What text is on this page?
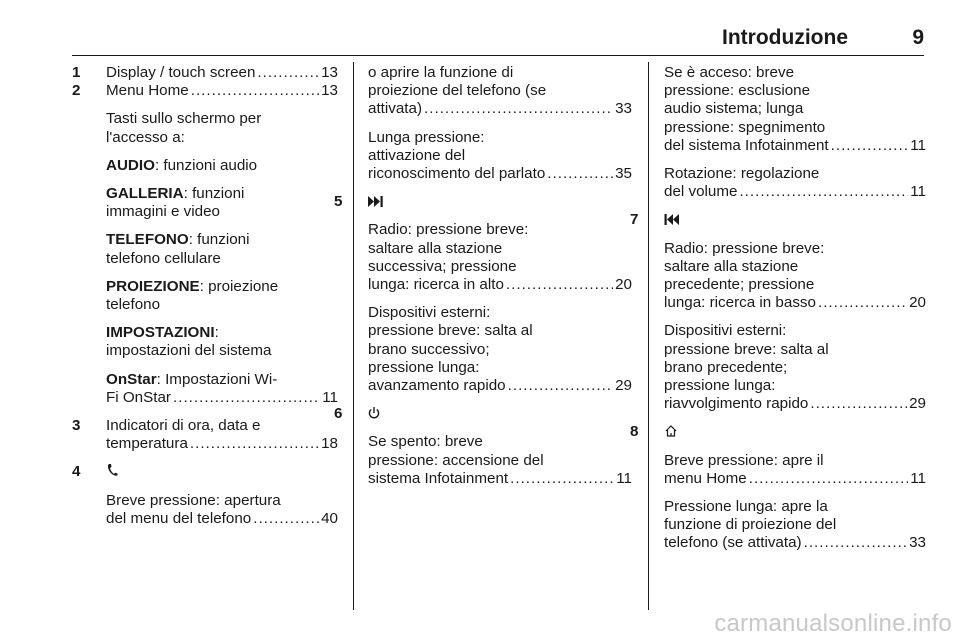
Introduzione	9
1 Display / touch screen .....	13
2 Menu Home .....	13
Tasti sullo schermo per
l'accesso a:
AUDIO: funzioni audio
GALLERIA: funzioni
immagini e video
TELEFONO: funzioni
telefono cellulare
PROIEZIONE: proiezione
telefono
IMPOSTAZIONI:
impostazioni del sistema
OnStar: Impostazioni Wi-
Fi OnStar .....	11
3 Indicatori di ora, data e
temperatura .....	18
4
Breve pressione: apertura
del menu del telefono .....	40
o aprire la funzione di
proiezione del telefono (se
attivata) .....	33
Lunga pressione:
attivazione del
riconoscimento del parlato .....	35
5
Radio: pressione breve:
saltare alla stazione
successiva; pressione
lunga: ricerca in alto .....	20
Dispositivi esterni:
pressione breve: salta al
brano successivo;
pressione lunga:
avanzamento rapido .....	29
6
Se spento: breve
pressione: accensione del
sistema Infotainment .....	11
Se è acceso: breve
pressione: esclusione
audio sistema; lunga
pressione: spegnimento
del sistema Infotainment .....	11
Rotazione: regolazione
del volume .....	11
7
Radio: pressione breve:
saltare alla stazione
precedente; pressione
lunga: ricerca in basso .....	20
Dispositivi esterni:
pressione breve: salta al
brano precedente;
pressione lunga:
riavvolgimento rapido .....	29
8
Breve pressione: apre il
menu Home .....	11
Pressione lunga: apre la
funzione di proiezione del
telefono (se attivata) .....	33
carmanualsonline.info
